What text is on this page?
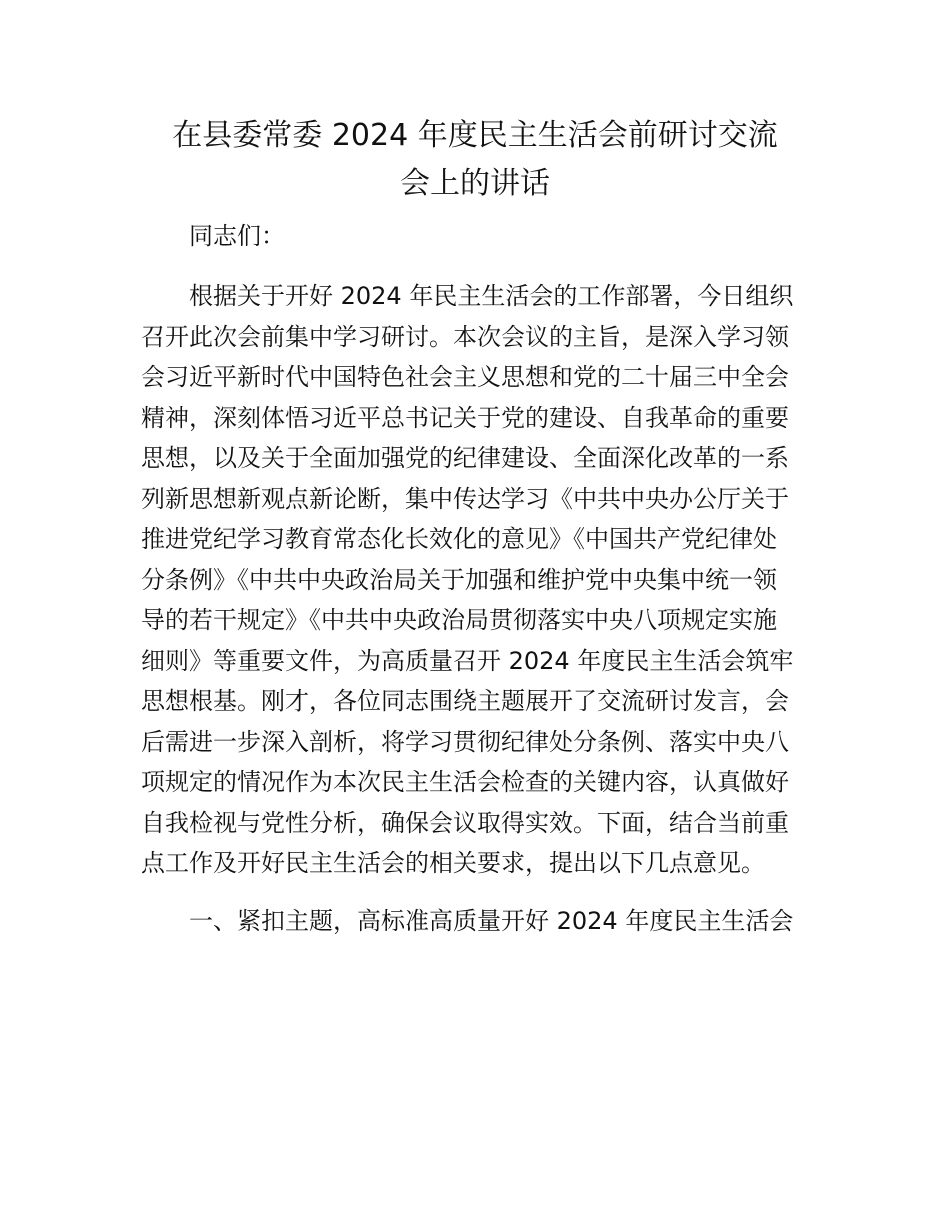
在县委常委 2024 年度民主生活会前研讨交流
会上的讲话

同志们：

根据关于开好 2024 年民主生活会的工作部署，今日组织
召开此次会前集中学习研讨。本次会议的主旨，是深入学习领
会习近平新时代中国特色社会主义思想和党的二十届三中全会
精神，深刻体悟习近平总书记关于党的建设、自我革命的重要
思想，以及关于全面加强党的纪律建设、全面深化改革的一系
列新思想新观点新论断，集中传达学习《中共中央办公厅关于
推进党纪学习教育常态化长效化的意见》《中国共产党纪律处
分条例》《中共中央政治局关于加强和维护党中央集中统一领
导的若干规定》《中共中央政治局贯彻落实中央八项规定实施
细则》等重要文件，为高质量召开 2024 年度民主生活会筑牢
思想根基。刚才，各位同志围绕主题展开了交流研讨发言，会
后需进一步深入剖析，将学习贯彻纪律处分条例、落实中央八
项规定的情况作为本次民主生活会检查的关键内容，认真做好
自我检视与党性分析，确保会议取得实效。下面，结合当前重
点工作及开好民主生活会的相关要求，提出以下几点意见。

一、紧扣主题，高标准高质量开好 2024 年度民主生活会
